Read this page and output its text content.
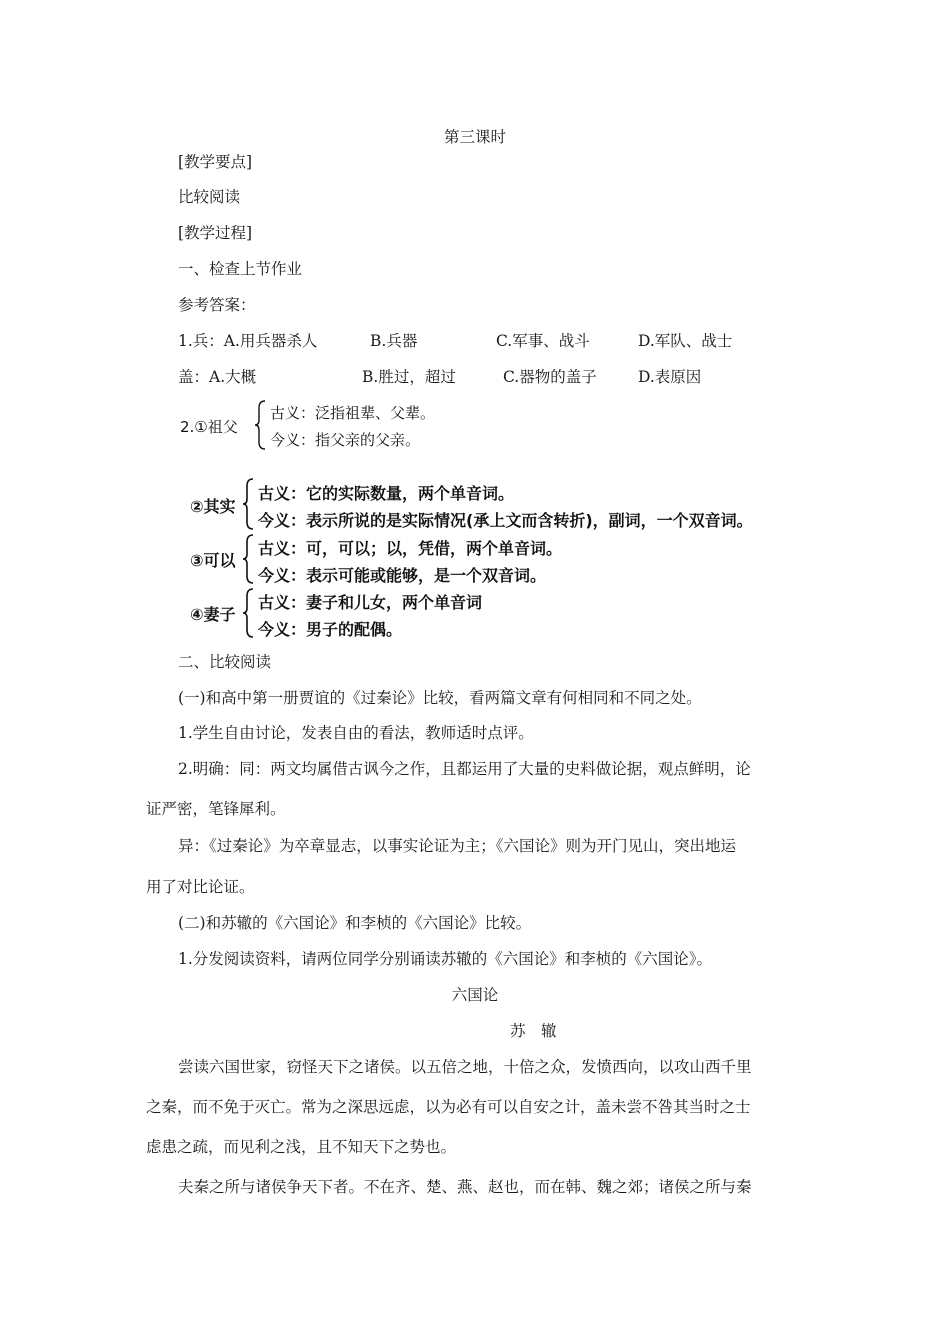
第三课时
[教学要点]
比较阅读
[教学过程]
一、检查上节作业
参考答案：
1.兵：A.用兵器杀人	B.兵器	C.军事、战斗	D.军队、战士
盖：A.大概	B.胜过，超过	C.器物的盖子	D.表原因
2.①祖父
古义：泛指祖辈、父辈。
今义：指父亲的父亲。
②其实
古义：它的实际数量，两个单音词。
今义：表示所说的是实际情况(承上文而含转折)，副词，一个双音词。
③可以
古义：可，可以；以，凭借，两个单音词。
今义：表示可能或能够，是一个双音词。
④妻子
古义：妻子和儿女，两个单音词
今义：男子的配偶。
二、比较阅读
(一)和高中第一册贾谊的《过秦论》比较，看两篇文章有何相同和不同之处。
1.学生自由讨论，发表自由的看法，教师适时点评。
2.明确：同：两文均属借古讽今之作，且都运用了大量的史料做论据，观点鲜明，论
证严密，笔锋犀利。
异：《过秦论》为卒章显志，以事实论证为主；《六国论》则为开门见山，突出地运
用了对比论证。
(二)和苏辙的《六国论》和李桢的《六国论》比较。
1.分发阅读资料，请两位同学分别诵读苏辙的《六国论》和李桢的《六国论》。
六国论
苏　辙
尝读六国世家，窃怪天下之诸侯。以五倍之地，十倍之众，发愤西向，以攻山西千里
之秦，而不免于灭亡。常为之深思远虑，以为必有可以自安之计，盖未尝不咎其当时之士
虑患之疏，而见利之浅，且不知天下之势也。
夫秦之所与诸侯争天下者。不在齐、楚、燕、赵也，而在韩、魏之郊；诸侯之所与秦
